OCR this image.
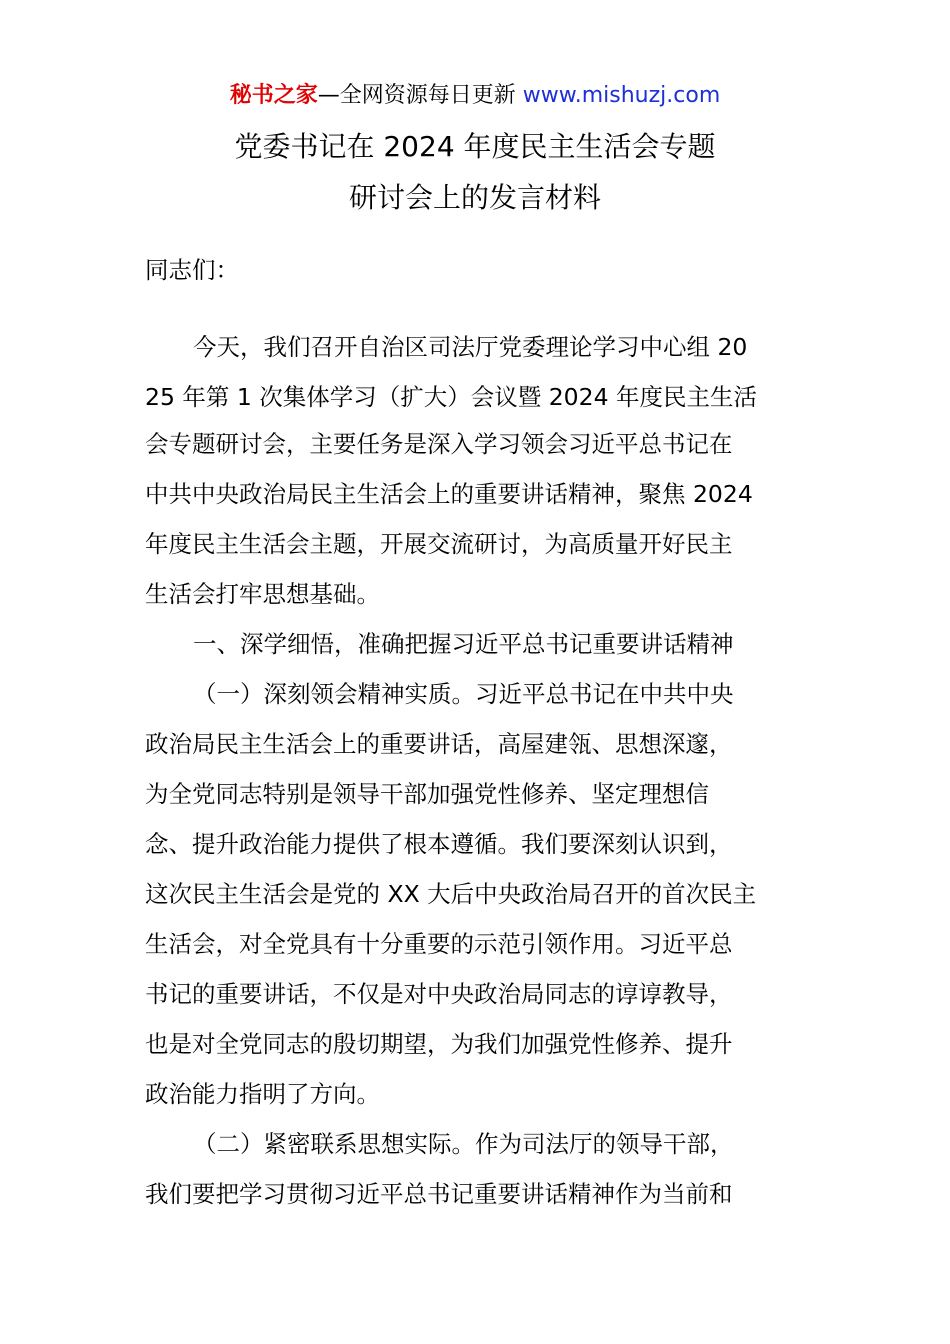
秘书之家—全网资源每日更新 www.mishuzj.com
党委书记在 2024 年度民主生活会专题
研讨会上的发言材料
同志们：
今天，我们召开自治区司法厅党委理论学习中心组 20
25 年第 1 次集体学习（扩大）会议暨 2024 年度民主生活
会专题研讨会，主要任务是深入学习领会习近平总书记在
中共中央政治局民主生活会上的重要讲话精神，聚焦 2024
年度民主生活会主题，开展交流研讨，为高质量开好民主
生活会打牢思想基础。
一、深学细悟，准确把握习近平总书记重要讲话精神
（一）深刻领会精神实质。习近平总书记在中共中央
政治局民主生活会上的重要讲话，高屋建瓴、思想深邃，
为全党同志特别是领导干部加强党性修养、坚定理想信
念、提升政治能力提供了根本遵循。我们要深刻认识到，
这次民主生活会是党的 XX 大后中央政治局召开的首次民主
生活会，对全党具有十分重要的示范引领作用。习近平总
书记的重要讲话，不仅是对中央政治局同志的谆谆教导，
也是对全党同志的殷切期望，为我们加强党性修养、提升
政治能力指明了方向。
（二）紧密联系思想实际。作为司法厅的领导干部，
我们要把学习贯彻习近平总书记重要讲话精神作为当前和
